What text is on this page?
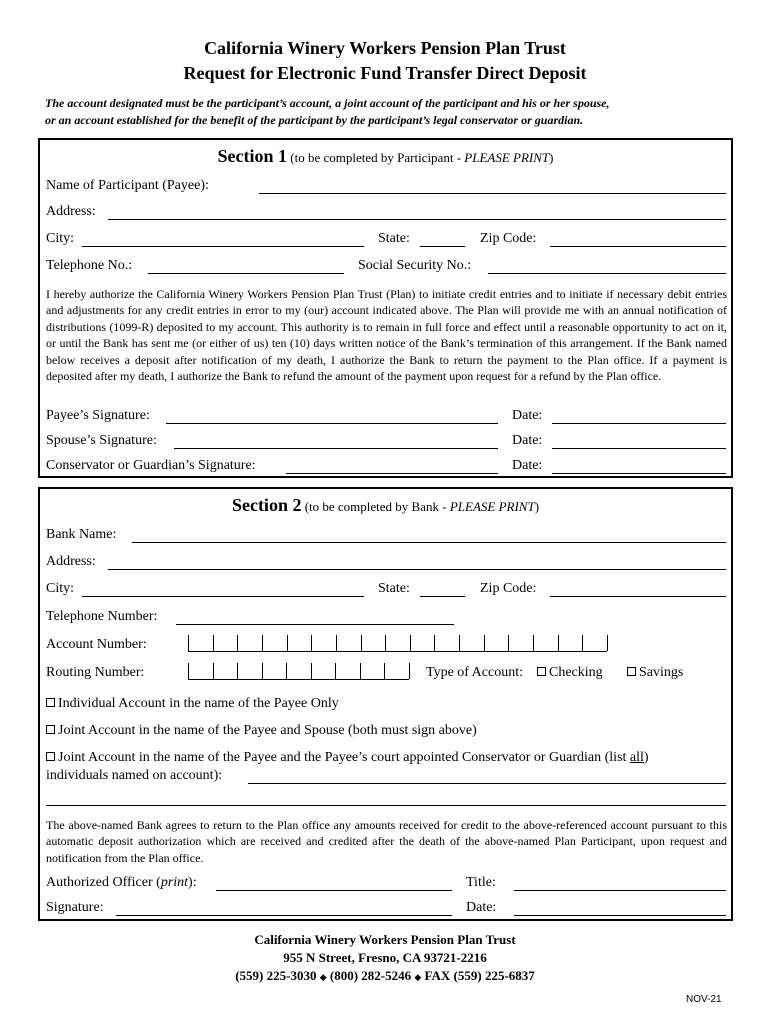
California Winery Workers Pension Plan Trust
Request for Electronic Fund Transfer Direct Deposit
The account designated must be the participant’s account, a joint account of the participant and his or her spouse,
or an account established for the benefit of the participant by the participant’s legal conservator or guardian.
Section 1 (to be completed by Participant - PLEASE PRINT)
Name of Participant (Payee):
Address:
City:	State:	Zip Code:
Telephone No.:	Social Security No.:
I hereby authorize the California Winery Workers Pension Plan Trust (Plan) to initiate credit entries and to initiate if necessary debit entries and adjustments for any credit entries in error to my (our) account indicated above. The Plan will provide me with an annual notification of distributions (1099-R) deposited to my account. This authority is to remain in full force and effect until a reasonable opportunity to act on it, or until the Bank has sent me (or either of us) ten (10) days written notice of the Bank’s termination of this arrangement. If the Bank named below receives a deposit after notification of my death, I authorize the Bank to return the payment to the Plan office. If a payment is deposited after my death, I authorize the Bank to refund the amount of the payment upon request for a refund by the Plan office.
Payee’s Signature:	Date:
Spouse’s Signature:	Date:
Conservator or Guardian’s Signature:	Date:
Section 2 (to be completed by Bank - PLEASE PRINT)
Bank Name:
Address:
City:	State:	Zip Code:
Telephone Number:
Account Number:
Routing Number:	Type of Account:	Checking	Savings
Individual Account in the name of the Payee Only
Joint Account in the name of the Payee and Spouse (both must sign above)
Joint Account in the name of the Payee and the Payee’s court appointed Conservator or Guardian (list all)
individuals named on account):
The above-named Bank agrees to return to the Plan office any amounts received for credit to the above-referenced account pursuant to this automatic deposit authorization which are received and credited after the death of the above-named Plan Participant, upon request and notification from the Plan office.
Authorized Officer (print):	Title:
Signature:	Date:
California Winery Workers Pension Plan Trust
955 N Street, Fresno, CA 93721-2216
(559) 225-3030 ◆ (800) 282-5246 ◆ FAX (559) 225-6837
NOV-21
